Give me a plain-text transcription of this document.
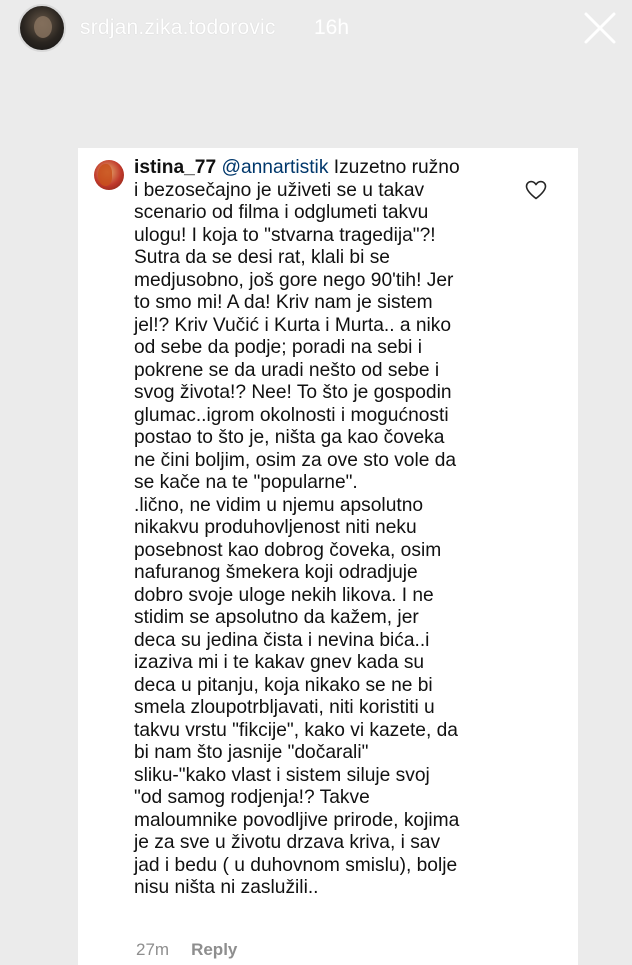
srdjan.zika.todorovic 16h
istina_77 @annartistik Izuzetno ružno
i bezosečajno je uživeti se u takav
scenario od filma i odglumeti takvu
ulogu! I koja to "stvarna tragedija"?!
Sutra da se desi rat, klali bi se
medjusobno, još gore nego 90'tih! Jer
to smo mi! A da! Kriv nam je sistem
jel!? Kriv Vučić i Kurta i Murta.. a niko
od sebe da podje; poradi na sebi i
pokrene se da uradi nešto od sebe i
svog života!? Nee! To što je gospodin
glumac..igrom okolnosti i mogućnosti
postao to što je, ništa ga kao čoveka
ne čini boljim, osim za ove sto vole da
se kače na te "popularne".
.lično, ne vidim u njemu apsolutno
nikakvu produhovljenost niti neku
posebnost kao dobrog čoveka, osim
nafuranog šmekera koji odradjuje
dobro svoje uloge nekih likova. I ne
stidim se apsolutno da kažem, jer
deca su jedina čista i nevina bića..i
izaziva mi i te kakav gnev kada su
deca u pitanju, koja nikako se ne bi
smela zloupotrbljavati, niti koristiti u
takvu vrstu "fikcije", kako vi kazete, da
bi nam što jasnije "dočarali"
sliku-"kako vlast i sistem siluje svoj
"od samog rodjenja!? Takve
maloumnike povodljive prirode, kojima
je za sve u životu drzava kriva, i sav
jad i bedu ( u duhovnom smislu), bolje
nisu ništa ni zaslužili..
27m Reply
